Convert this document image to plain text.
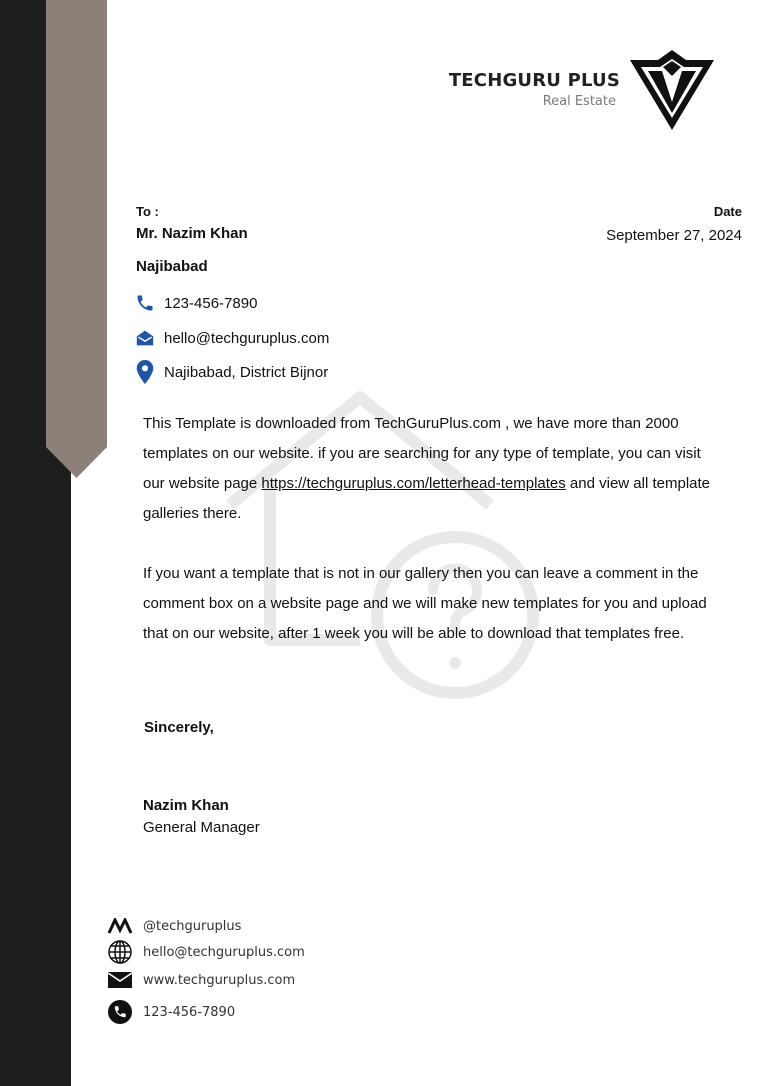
TECHGURU PLUS
Real Estate
To :
Mr. Nazim Khan
Najibabad
Date
September 27, 2024
123-456-7890
hello@techguruplus.com
Najibabad, District Bijnor
This Template is downloaded from TechGuruPlus.com , we have more than 2000
templates on our website. if you are searching for any type of template, you can visit
our website page https://techguruplus.com/letterhead-templates and view all template
galleries there.
If you want a template that is not in our gallery then you can leave a comment in the
comment box on a website page and we will make new templates for you and upload
that on our website, after 1 week you will be able to download that templates free.
Sincerely,
Nazim Khan
General Manager
@techguruplus
hello@techguruplus.com
www.techguruplus.com
123-456-7890
